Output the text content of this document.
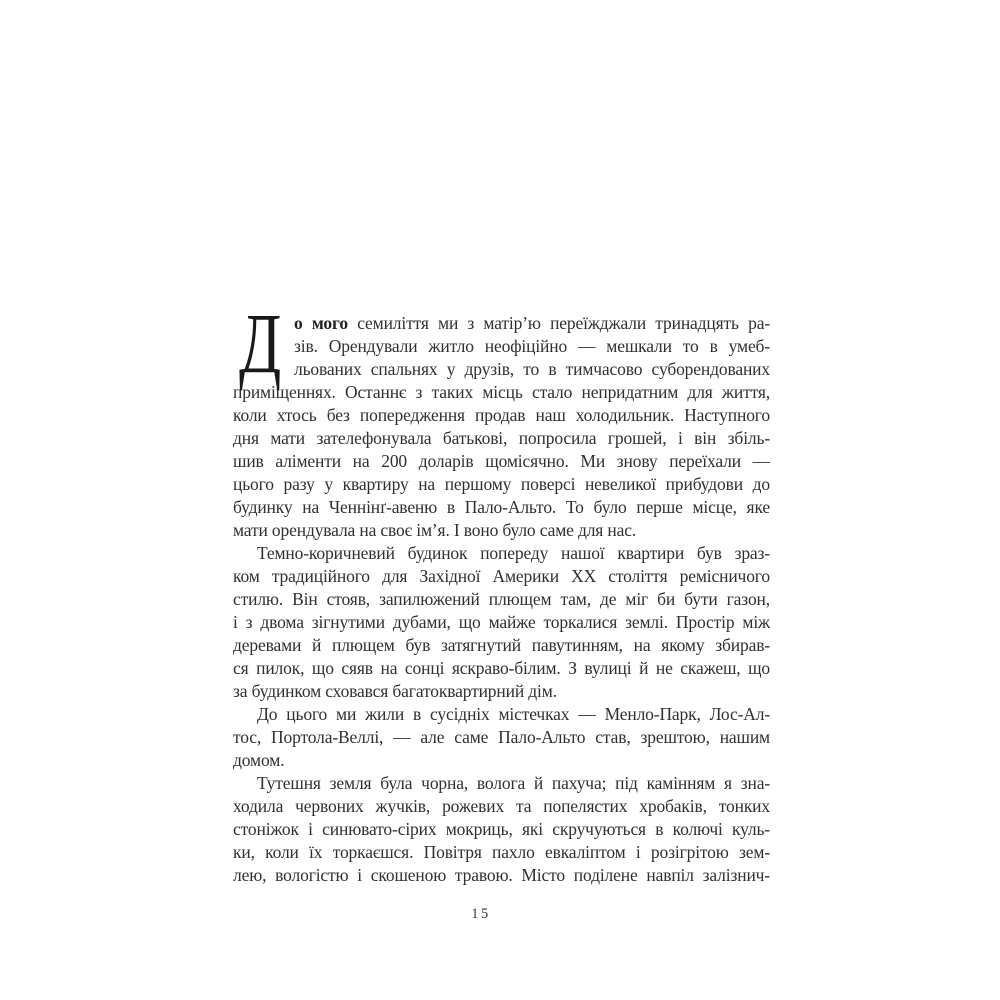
Д о мого семиліття ми з матір’ю переїжджали тринадцять ра-
зів. Орендували житло неофіційно — мешкали то в умеб-
льованих спальнях у друзів, то в тимчасово суборендованих
приміщеннях. Останнє з таких місць стало непридатним для життя,
коли хтось без попередження продав наш холодильник. Наступного
дня мати зателефонувала батькові, попросила грошей, і він збіль-
шив аліменти на 200 доларів щомісячно. Ми знову переїхали —
цього разу у квартиру на першому поверсі невеликої прибудови до
будинку на Ченнінґ-авеню в Пало-Альто. То було перше місце, яке
мати орендувала на своє ім’я. І воно було саме для нас.
Темно-коричневий будинок попереду нашої квартири був зраз-
ком традиційного для Західної Америки XX століття ремісничого
стилю. Він стояв, запилюжений плющем там, де міг би бути газон,
і з двома зігнутими дубами, що майже торкалися землі. Простір між
деревами й плющем був затягнутий павутинням, на якому збирав-
ся пилок, що сяяв на сонці яскраво-білим. З вулиці й не скажеш, що
за будинком сховався багатоквартирний дім.
До цього ми жили в сусідніх містечках — Менло-Парк, Лос-Ал-
тос, Портола-Веллі, — але саме Пало-Альто став, зрештою, нашим
домом.
Тутешня земля була чорна, волога й пахуча; під камінням я зна-
ходила червоних жучків, рожевих та попелястих хробаків, тонких
стоніжок і синювато-сірих мокриць, які скручуються в колючі куль-
ки, коли їх торкаєшся. Повітря пахло евкаліптом і розігрітою зем-
лею, вологістю і скошеною травою. Місто поділене навпіл залізнич-
15
